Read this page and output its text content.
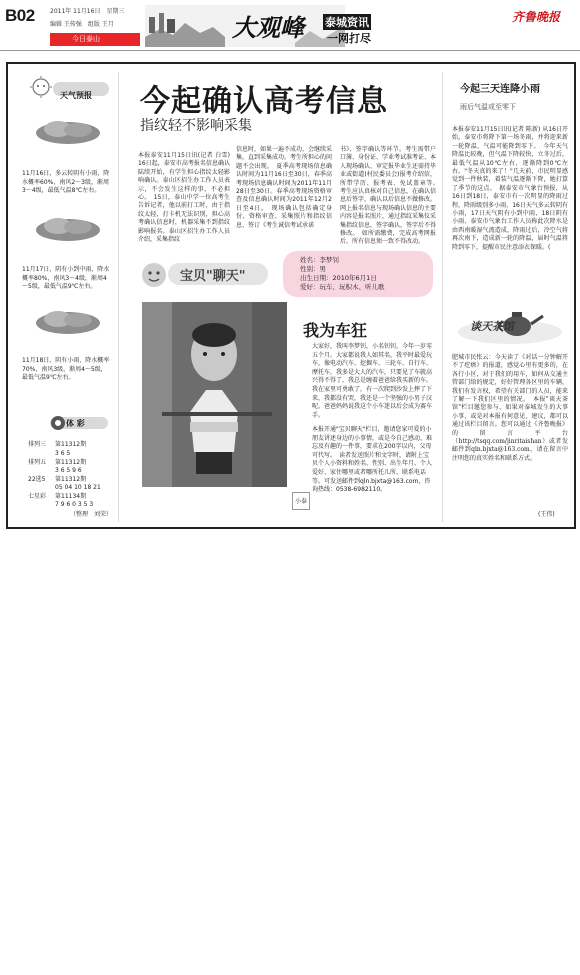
B02	2011年 11月16日　星期三
编辑 王传强　组版 王月
今日泰山	大观峰 泰城资讯
一网打尽
齐鲁晚报
天气预报
11月16日，多云转阴有小雨，降水概率60%，南风2～3级，渐周3～4级，最低气温8℃左右。
11月17日，阴有小到中雨，降水概率80%，南风3～4级，渐周4～5级，最低气温9℃左右。
11月18日，阴有小雨，降水概率70%，南风3级，渐周4～5级，最低气温9℃左右。
体 彩
排列三 第11312期
3 6 5
排列五 第11312期
3 6 5 9 6
22选5 第11312期
05 04 10 18 21
七星彩 第11134期
7 9 6 0 3 5 3
（整理　刘荣）
今起确认高考信息
指纹轻不影响采集
本报泰安11月15日讯(记者 白雪) 16日起，泰安市高考报名信息确认陆续开始，有学生担心指纹太轻影响确认。泰山区招生办工作人员表示，不会发生这样的事，不必担心。　15日，泰山中学一位高考生告诉记者，他以前打工时，由于指纹太轻，打卡机无法识别，担心高考确认信息时，机器采集不到指纹影响报名。泰山区招生办工作人员介绍，采集指纹
信息时，如果一遍不成功，会继续采集，直到采集成功。考生所担心的问题不会出现。　夏季高考现场信息确认时间为11月16日至30日，春季高考现场信息确认时间为2011年11月28日至30日。春季高考现场资格审查及信息确认时间为2011年12月2日至4日。　现场确认包括确定身份、资格审查、采集照片和指纹信息、签订《考生诚信考试承诺
书》、签字确认等环节。考生需带户口簿、身份证、学业考试准考证、本人现场确认、审定报毕业生还需持毕业或街道(村民委员会)报考介绍信，所带学历、报考表、免试盖章等。　考生应认真核对自己信息，在确认信息后签字，确认以后信息不做修改。网上报名信息与现场确认信息的主要内容是报名照片，通过指纹采集仪采集指纹信息，签字确认，签字后不得修改。　如所需缴费，完成高考网报后，所有信息须一致不得改动。
宝贝"聊天"
姓名：李梦钊
性别：男
出生日期：2010年6月1日
爱好：玩车、玩积木、听儿歌
我为车狂
大家好，我叫李梦钊，小名钊钊，今年一岁零五个月。大家都说我人如其名，我平时最爱玩车，像电动汽车、挖掘车、三轮车、自行车、摩托车，我多是大人的汽车，只要见了车就高兴得不得了，我总是缠着爸爸给我买新的车。我在家里可勇敢了，有一次爬到沙发上摔了下来，我都没有哭，我还是一个坚强的小男子汉呢。爸爸妈妈说我这个小车迷以后会成为赛车手。　
本报开通"宝贝聊天"栏目，邀请您家可爱的小朋友讲述身边的小事情，或是今自己感动、难忘及有趣的一件事，要求在200字以内，父母可代写。　读者发送照片和文字时，请附上宝贝个人小资料和姓名、性别、出生年月、个人爱好、家住哪里或者哪所托儿所、联系电话等。可发送邮件到qln.bjxta@163.com，咨询热线：0538-6982110。
小泰
今起三天连降小雨
雨后气温或至零下
本报泰安11月15日讯(记者 陈新) 从16日开始，泰安市将降下第一场冬雨，并将迎来新一轮降温，气温可能降到零下。　今年天气降温比较晚，但气温下降较快，立冬过后，最低气温从10℃左右，逐渐降到0℃左右。"冬天真的来了！"几天前，市民明显感觉到一件秋装，着装气温逐渐下降，她打算了季节的这点。　据泰安市气象台预报，从16日到18日，泰安市有一次明显的降雨过程，降雨级别多小雨，16日天气多云转阴有小雨，17日天气阴有小到中雨，18日阴有小雨，泰安市气象台工作人员称此次降水是由西南暖湿气流造成，降雨过后，冷空气将再次南下，造成新一轮的降温，届时气温将降到零下，提醒市民注意添衣保暖。(
谈天茶馆
肥城市民怅云：今天读了《对话一分钟解开不了疙瘩》的报道，感觉心里有更多的，在各行小区，对于我们的用车，如何从交通主管部门给的规定，好好管理各区里的车辆，我们有发言权，希望有关部门的人员，能来了解一下我们区里的情况。　本报"谈天茶馆"栏目邀您参与，如果对泰城发生的大事小事，或是对本报有何意见、建议，都可以通过该栏目留言。您可以通过《齐鲁晚报》的留言平台（http://tsqq.com/jinritaishan）或者发邮件到qln.bjxta@163.com，请在留言中注明您的真实姓名和联系方式。
(王伟)
